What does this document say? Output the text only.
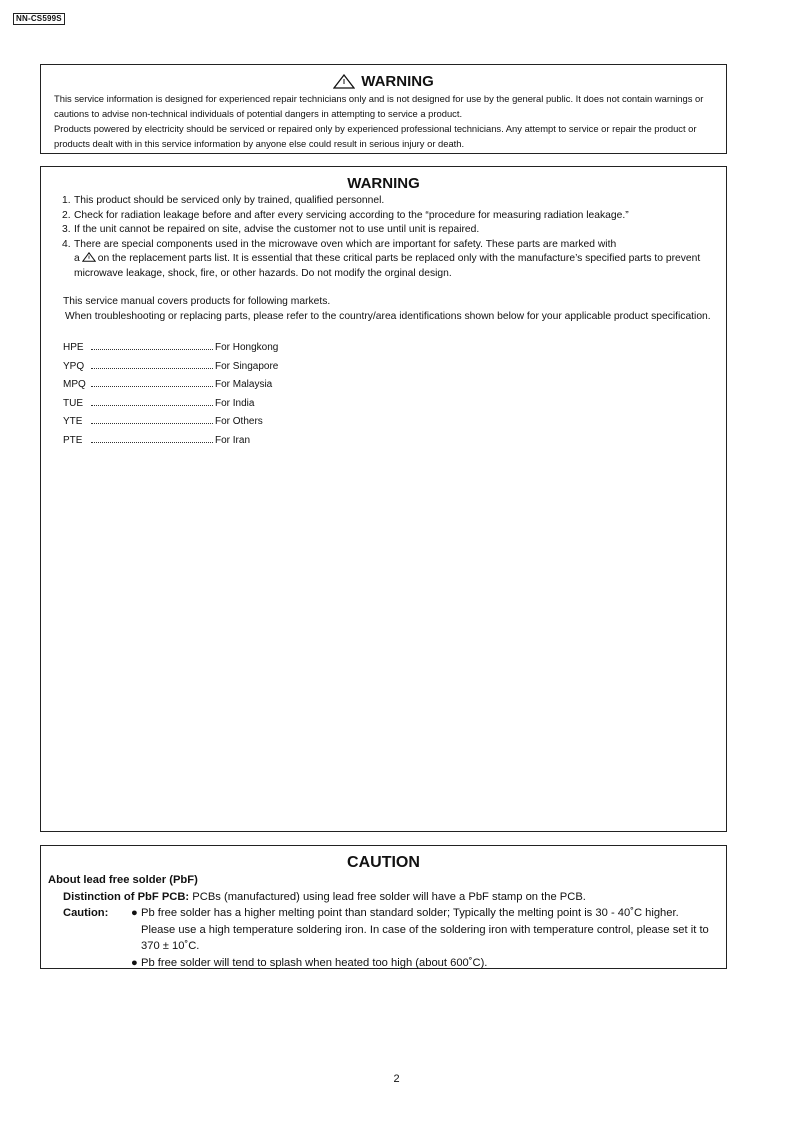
NN-CS599S
WARNING

This service information is designed for experienced repair technicians only and is not designed for use by the general public. It does not contain warnings or cautions to advise non-technical individuals of potential dangers in attempting to service a product.

Products powered by electricity should be serviced or repaired only by experienced professional technicians. Any attempt to service or repair the product or products dealt with in this service information by anyone else could result in serious injury or death.

WARNING
1. This product should be serviced only by trained, qualified personnel.
2. Check for radiation leakage before and after every servicing according to the “procedure for measuring radiation leakage.”
3. If the unit cannot be repaired on site, advise the customer not to use until unit is repaired.
4. There are special components used in the microwave oven which are important for safety. These parts are marked with
a on the replacement parts list. It is essential that these critical parts be replaced only with the manufacture’s specified parts to prevent microwave leakage, shock, fire, or other hazards. Do not modify the orginal design.

This service manual covers products for following markets.

When troubleshooting or replacing parts, please refer to the country/area identifications shown below for your applicable product specification.

HPE	For Hongkong
YPQ	For Singapore
MPQ	For Malaysia
TUE	For India
YTE	For Others
PTE	For Iran
CAUTION

About lead free solder (PbF)

Distinction of PbF PCB: PCBs (manufactured) using lead free solder will have a PbF stamp on the PCB.

Caution:	● Pb free solder has a higher melting point than standard solder; Typically the melting point is 30 - 40˚C higher. Please use a high temperature soldering iron. In case of the soldering iron with temperature control, please set it to 370 ± 10˚C.
● Pb free solder will tend to splash when heated too high (about 600˚C).
2
